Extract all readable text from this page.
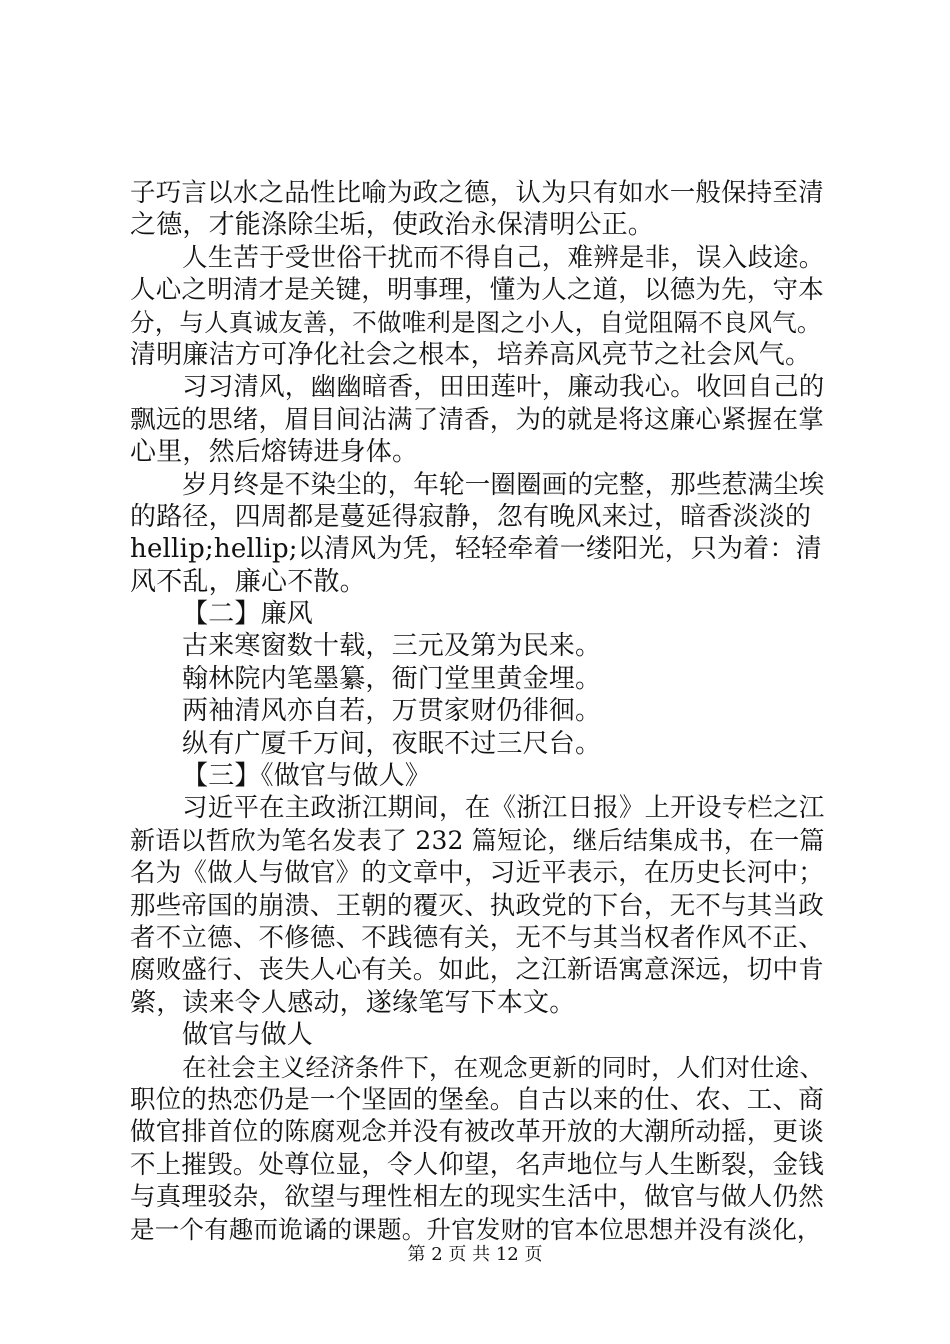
子巧言以水之品性比喻为政之德，认为只有如水一般保持至清
之德，才能涤除尘垢，使政治永保清明公正。
人生苦于受世俗干扰而不得自己，难辨是非，误入歧途。
人心之明清才是关键，明事理，懂为人之道，以德为先，守本
分，与人真诚友善，不做唯利是图之小人，自觉阻隔不良风气。
清明廉洁方可净化社会之根本，培养高风亮节之社会风气。
习习清风，幽幽暗香，田田莲叶，廉动我心。收回自己的
飘远的思绪，眉目间沾满了清香，为的就是将这廉心紧握在掌
心里，然后熔铸进身体。
岁月终是不染尘的，年轮一圈圈画的完整，那些惹满尘埃
的路径，四周都是蔓延得寂静，忽有晚风来过，暗香淡淡的
hellip;hellip;以清风为凭，轻轻牵着一缕阳光，只为着：清
风不乱，廉心不散。
【二】廉风
古来寒窗数十载，三元及第为民来。
翰林院内笔墨纂，衙门堂里黄金埋。
两袖清风亦自若，万贯家财仍徘徊。
纵有广厦千万间，夜眠不过三尺台。
【三】《做官与做人》
习近平在主政浙江期间，在《浙江日报》上开设专栏之江
新语以哲欣为笔名发表了 232 篇短论，继后结集成书，在一篇
名为《做人与做官》的文章中，习近平表示，在历史长河中；
那些帝国的崩溃、王朝的覆灭、执政党的下台，无不与其当政
者不立德、不修德、不践德有关，无不与其当权者作风不正、
腐败盛行、丧失人心有关。如此，之江新语寓意深远，切中肯
綮，读来令人感动，遂缘笔写下本文。
做官与做人
在社会主义经济条件下，在观念更新的同时，人们对仕途、
职位的热恋仍是一个坚固的堡垒。自古以来的仕、农、工、商
做官排首位的陈腐观念并没有被改革开放的大潮所动摇，更谈
不上摧毁。处尊位显，令人仰望，名声地位与人生断裂，金钱
与真理驳杂，欲望与理性相左的现实生活中，做官与做人仍然
是一个有趣而诡谲的课题。升官发财的官本位思想并没有淡化，
第 2 页 共 12 页
